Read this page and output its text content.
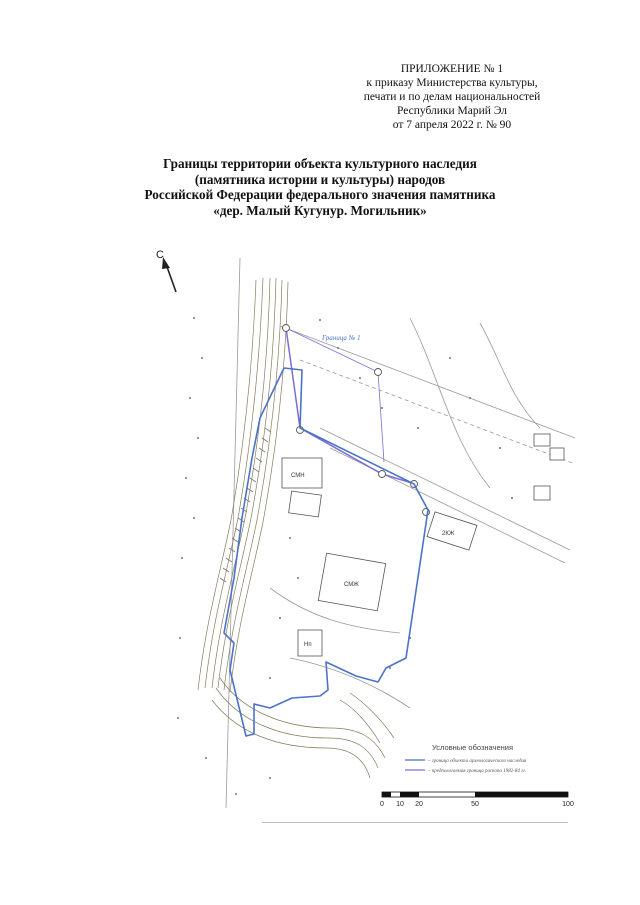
ПРИЛОЖЕНИЕ № 1
к приказу Министерства культуры,
печати и по делам национальностей
Республики Марий Эл
от 7 апреля 2022 г. № 90
Границы территории объекта культурного наследия
(памятника истории и культуры) народов
Российской Федерации федерального значения памятника
«дер. Малый Кугунур. Могильник»
С
СМН
СМЖ
2КЖ
Нп
Граница № 1
Условные обозначения
– граница объекта археологического наследия
– предполагаемая граница раскопа 1982-84 гг.
0 10 20	50	100
